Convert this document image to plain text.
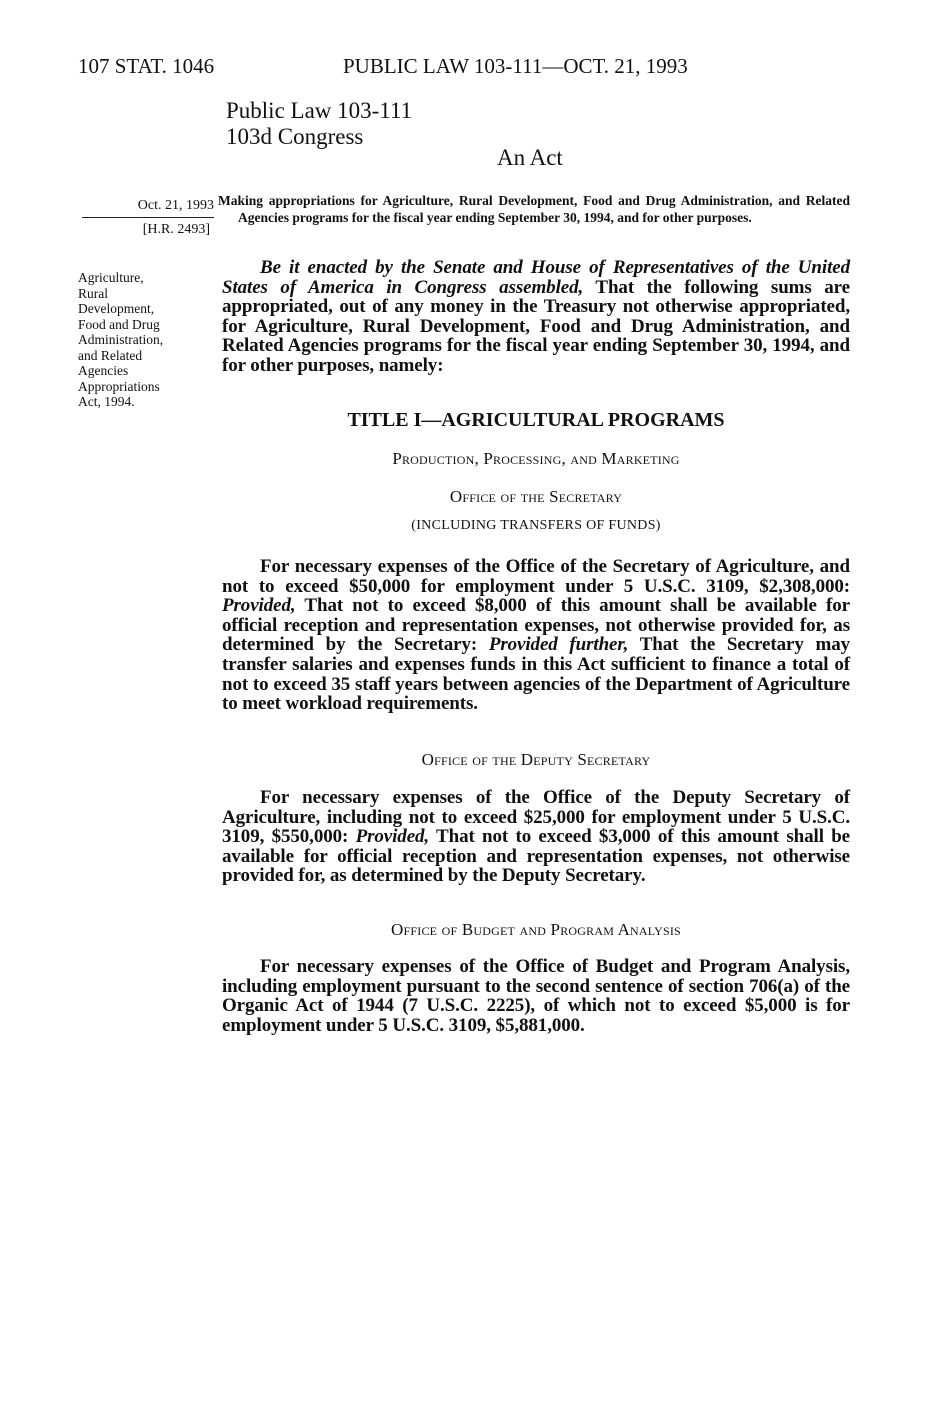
107 STAT. 1046	PUBLIC LAW 103-111—OCT. 21, 1993
Public Law 103-111
103d Congress
An Act
Oct. 21, 1993
[H.R. 2493]
Agriculture,
Rural
Development,
Food and Drug
Administration,
and Related
Agencies
Appropriations
Act, 1994.
Making appropriations for Agriculture, Rural Development, Food and Drug Administration, and Related Agencies programs for the fiscal year ending September 30, 1994, and for other purposes.
Be it enacted by the Senate and House of Representatives of the United States of America in Congress assembled, That the following sums are appropriated, out of any money in the Treasury not otherwise appropriated, for Agriculture, Rural Development, Food and Drug Administration, and Related Agencies programs for the fiscal year ending September 30, 1994, and for other purposes, namely:
TITLE I—AGRICULTURAL PROGRAMS
Production, Processing, and Marketing
Office of the Secretary
(INCLUDING TRANSFERS OF FUNDS)
For necessary expenses of the Office of the Secretary of Agriculture, and not to exceed $50,000 for employment under 5 U.S.C. 3109, $2,308,000: Provided, That not to exceed $8,000 of this amount shall be available for official reception and representation expenses, not otherwise provided for, as determined by the Secretary: Provided further, That the Secretary may transfer salaries and expenses funds in this Act sufficient to finance a total of not to exceed 35 staff years between agencies of the Department of Agriculture to meet workload requirements.
Office of the Deputy Secretary
For necessary expenses of the Office of the Deputy Secretary of Agriculture, including not to exceed $25,000 for employment under 5 U.S.C. 3109, $550,000: Provided, That not to exceed $3,000 of this amount shall be available for official reception and representation expenses, not otherwise provided for, as determined by the Deputy Secretary.
Office of Budget and Program Analysis
For necessary expenses of the Office of Budget and Program Analysis, including employment pursuant to the second sentence of section 706(a) of the Organic Act of 1944 (7 U.S.C. 2225), of which not to exceed $5,000 is for employment under 5 U.S.C. 3109, $5,881,000.
